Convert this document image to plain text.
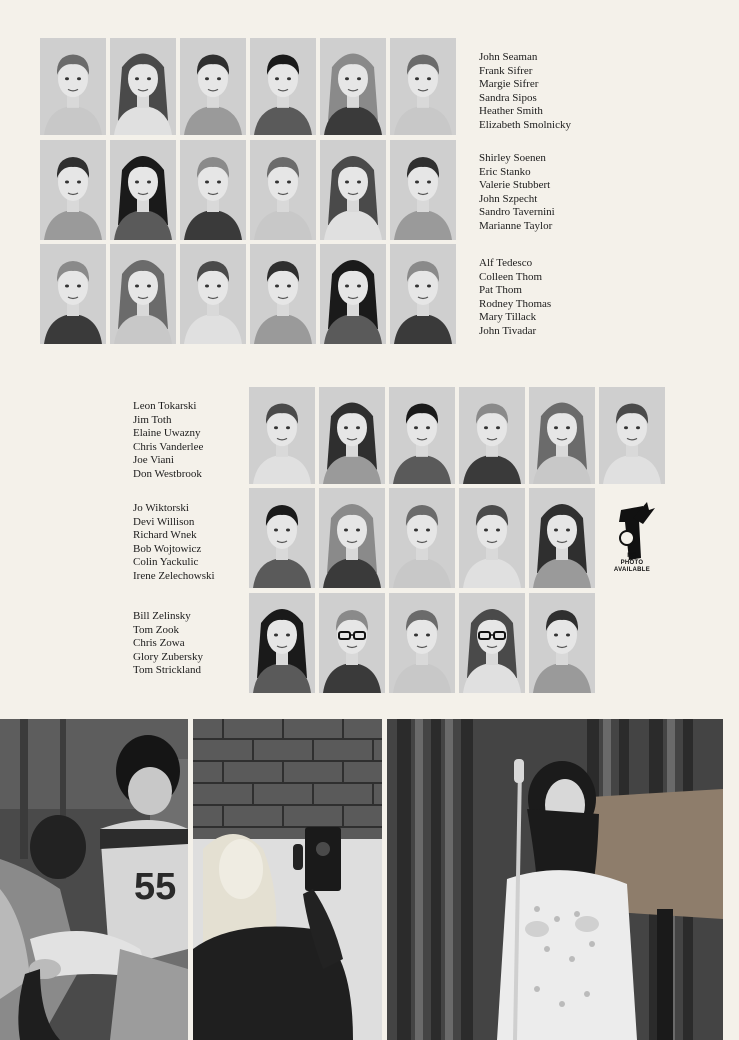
John Seaman
Frank Sifrer
Margie Sifrer
Sandra Sipos
Heather Smith
Elizabeth Smolnicky
Shirley Soenen
Eric Stanko
Valerie Stubbert
John Szpecht
Sandro Tavernini
Marianne Taylor
Alf Tedesco
Colleen Thom
Pat Thom
Rodney Thomas
Mary Tillack
John Tivadar
Leon Tokarski
Jim Toth
Elaine Uwazny
Chris Vanderlee
Joe Viani
Don Westbrook
Jo Wiktorski
Devi Willison
Richard Wnek
Bob Wojtowicz
Colin Yackulic
Irene Zelechowski
NO
PHOTO
AVAILABLE
Bill Zelinsky
Tom Zook
Chris Zowa
Glory Zubersky
Tom Strickland
55
